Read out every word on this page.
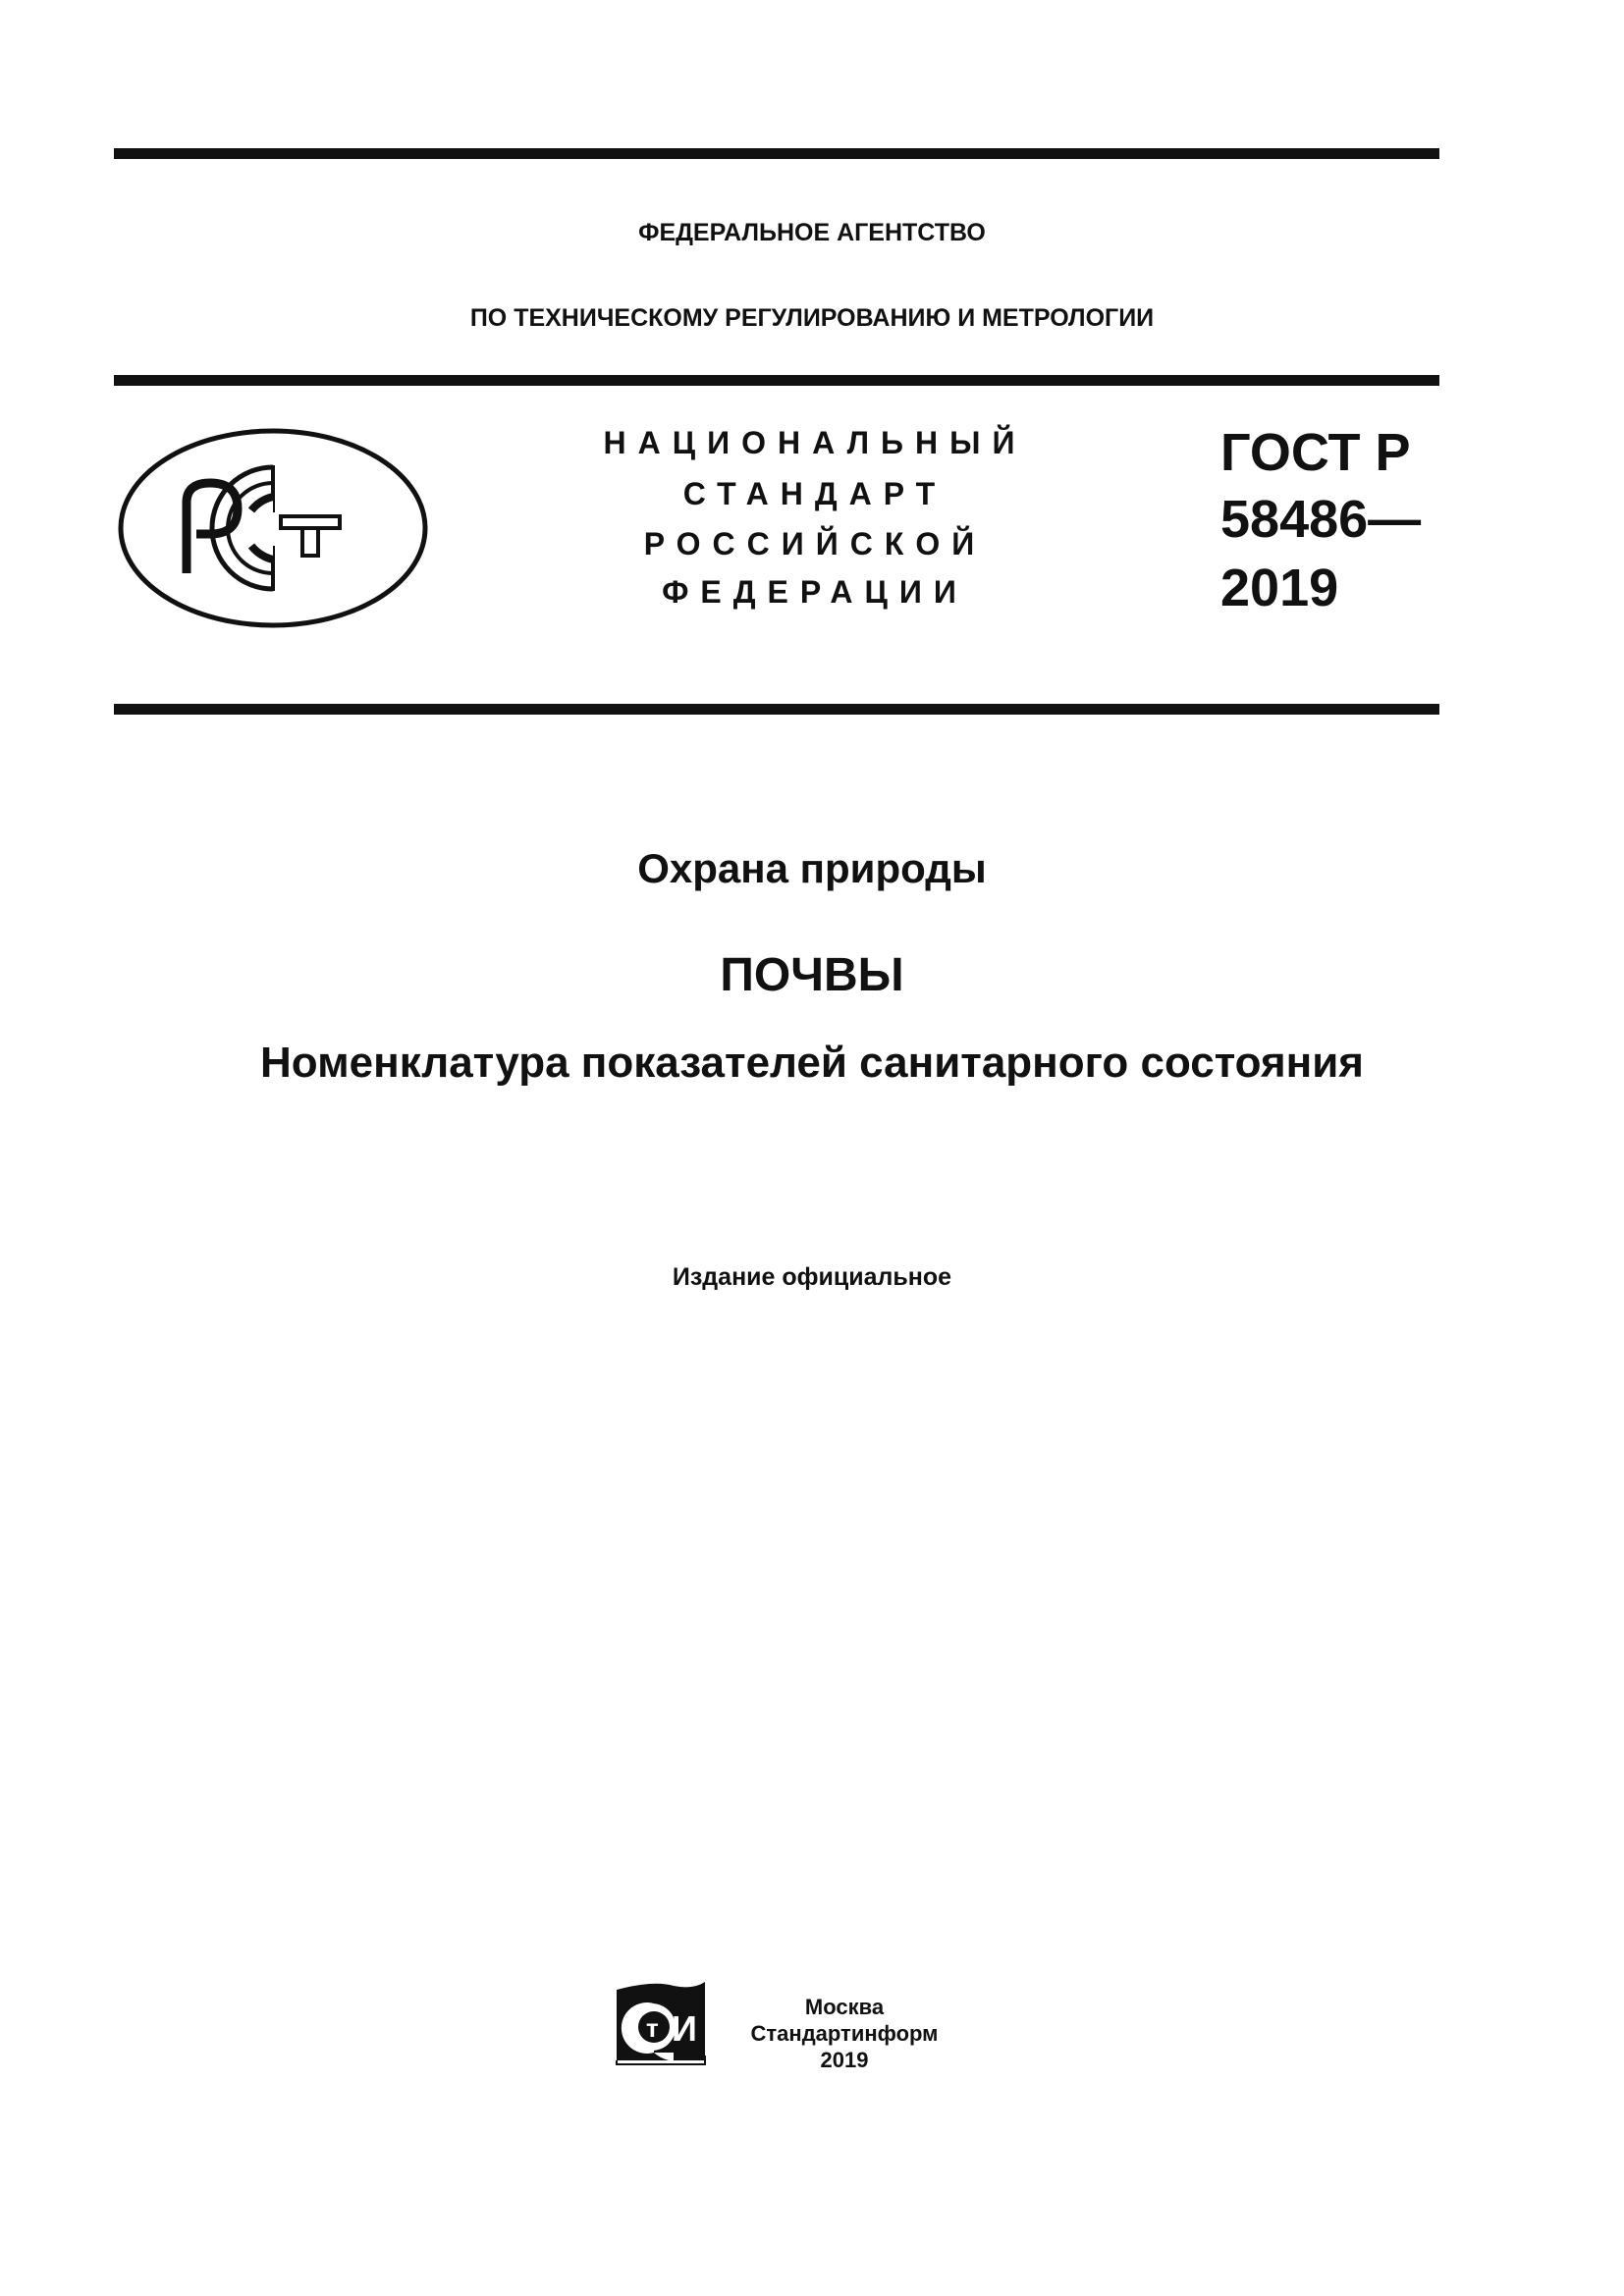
ФЕДЕРАЛЬНОЕ АГЕНТСТВО
ПО ТЕХНИЧЕСКОМУ РЕГУЛИРОВАНИЮ И МЕТРОЛОГИИ
НАЦИОНАЛЬНЫЙ
СТАНДАРТ
РОССИЙСКОЙ
ФЕДЕРАЦИИ
ГОСТ Р
58486—
2019
Охрана природы
ПОЧВЫ
Номенклатура показателей санитарного состояния
Издание официальное
т И
Москва
Стандартинформ
2019
